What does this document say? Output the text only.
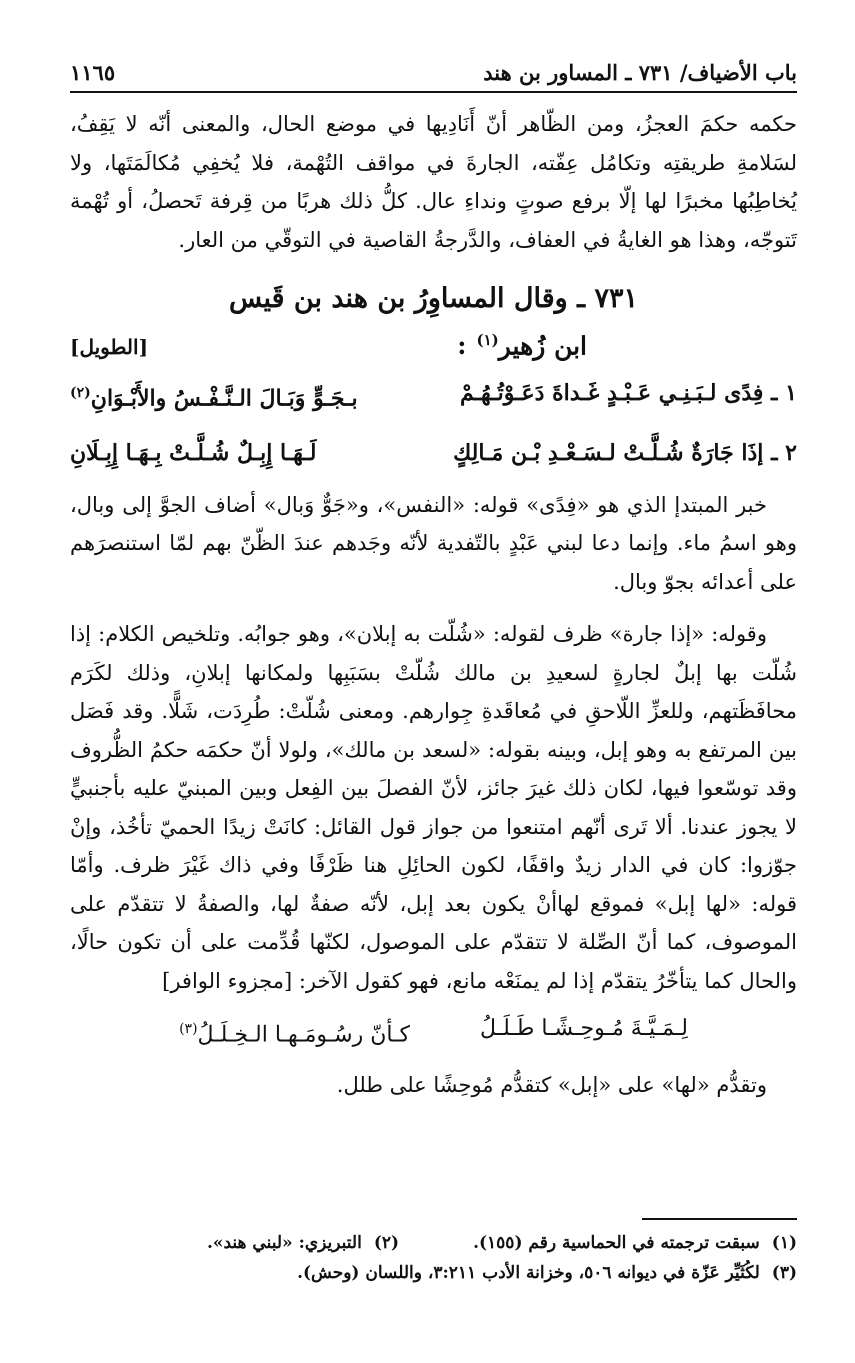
باب الأضياف/ ٧٣١ ـ المساور بن هند
١١٦٥

حكمه حكمَ العجزُ، ومن الظّاهر أنّ أَنَادِيها في موضع الحال، والمعنى أنّه لا يَقِفُ، لسَلامةِ طريقتِه وتكامُل عِفّته، الجارةَ في مواقف التُهْمة، فلا يُخفِي مُكالَمَتَها، ولا يُخاطِبُها مخبرًا لها إلّا برفع صوتٍ ونداءِ عال. كلُّ ذلك هربًا من قِرفة تَحصلُ، أو تُهْمة تَتوجّه، وهذا هو الغايةُ في العفاف، والدَّرجةُ القاصية في التوقّي من العار.

٧٣١ ـ وقال المساوِرُ بن هند بن قَيس
ابن زُهير$^{(١)}$:
[الطويل]
١ ـ فِدًى لـبَـنِـي عَـبْـدٍ غَـداةَ دَعَـوْتُـهُـمْ
بـجَـوٍّ وَبَـالَ الـنَّـفْـسُ والأَبْـوَانِ$^{(٢)}$
٢ ـ إذَا جَارَةٌ شُـلَّـتْ لـسَـعْـدِ بْـن مَـالِكٍ
لَـهَـا إِبِـلٌ شُـلَّـتْ بِـهَـا إِبِـلَانِ

خبر المبتدإ الذي هو «فِدًى» قوله: «النفس»، و«جَوٌّ وَبال» أضاف الجوَّ إلى وبال، وهو اسمُ ماء. وإنما دعا لبني عَبْدٍ بالتّفدية لأنّه وجَدهم عندَ الظّنّ بهم لمّا استنصرَهم على أعدائه بجوّ وبال.

وقوله: «إذا جارة» ظرف لقوله: «شُلّت به إبلان»، وهو جوابُه. وتلخيص الكلام: إذا شُلّت بها إبلٌ لجارةٍ لسعيدِ بن مالك شُلّتْ بسَبَبِها ولمكانها إبلانِ، وذلك لكَرَم محافَظَتهم، وللعزِّ اللّاحقِ في مُعاقَدةِ جِوارهم. ومعنى شُلّتْ: طُرِدَت، شَلًّا. وقد فَصَل بين المرتفع به وهو إبل، وبينه بقوله: «لسعد بن مالك»، ولولا أنّ حكمَه حكمُ الظُّروف وقد توسّعوا فيها، لكان ذلك غيرَ جائز، لأنّ الفصلَ بين الفِعل وبين المبنيّ عليه بأجنبيٍّ لا يجوز عندنا. ألا تَرى أنّهم امتنعوا من جواز قول القائل: كانَتْ زيدًا الحميّ تأخُذ، وإنْ جوّزوا: كان في الدار زيدٌ واقفًا، لكون الحائِلِ هنا ظَرْفًا وفي ذاك غَيْرَ ظرف. وأمّا قوله: «لها إبل» فموقع لهاأنْ يكون بعد إبل، لأنّه صفةٌ لها، والصفةُ لا تتقدّم على الموصوف، كما أنّ الصِّلة لا تتقدّم على الموصول، لكنّها قُدِّمت على أن تكون حالًا، والحال كما يتأخّرُ يتقدّم إذا لم يمنَعْه مانع، فهو كقول الآخر: [مجزوء الوافر]

لِـمَـيَّـةَ مُـوحِـشًـا طَـلَـلُ
كـأنّ رسُـومَـهـا الـخِـلَـلُ$^{(٣)}$

وتقدُّم «لها» على «إبل» كتقدُّم مُوحِشًا على طلل.

(١)
سبقت ترجمته في الحماسية رقم (١٥٥).
(٢)
التبريزي: «لبني هند».
(٣)
لكُثَيِّر عَزّة في ديوانه ٥٠٦، وخزانة الأدب ٣:٢١١، واللسان (وحش).
